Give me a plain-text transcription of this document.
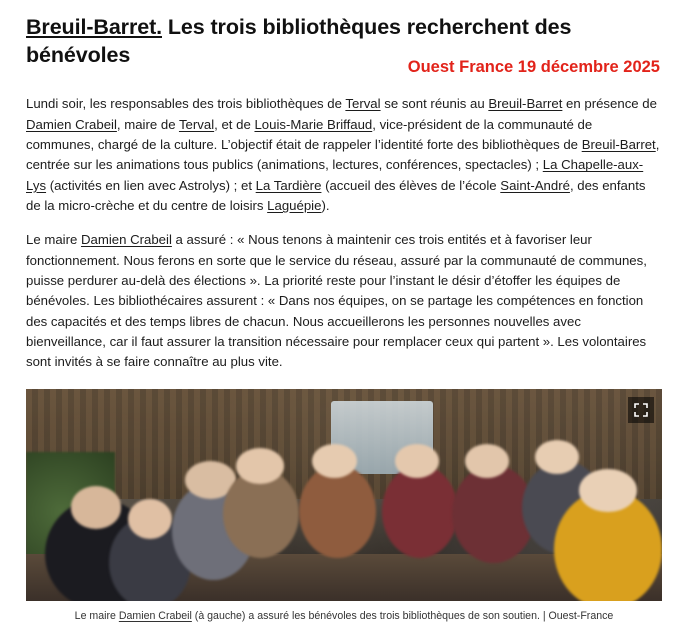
Breuil-Barret. Les trois bibliothèques recherchent des bénévoles
Ouest France 19 décembre 2025

Lundi soir, les responsables des trois bibliothèques de Terval se sont réunis au Breuil-Barret en présence de Damien Crabeil, maire de Terval, et de Louis-Marie Briffaud, vice-président de la communauté de communes, chargé de la culture. L’objectif était de rappeler l’identité forte des bibliothèques de Breuil-Barret, centrée sur les animations tous publics (animations, lectures, conférences, spectacles) ; La Chapelle-aux-Lys (activités en lien avec Astrolys) ; et La Tardière (accueil des élèves de l’école Saint-André, des enfants de la micro-crèche et du centre de loisirs Laguépie).

Le maire Damien Crabeil a assuré : « Nous tenons à maintenir ces trois entités et à favoriser leur fonctionnement. Nous ferons en sorte que le service du réseau, assuré par la communauté de communes, puisse perdurer au-delà des élections ». La priorité reste pour l’instant le désir d’étoffer les équipes de bénévoles. Les bibliothécaires assurent : « Dans nos équipes, on se partage les compétences en fonction des capacités et des temps libres de chacun. Nous accueillerons les personnes nouvelles avec bienveillance, car il faut assurer la transition nécessaire pour remplacer ceux qui partent ». Les volontaires sont invités à se faire connaître au plus vite.

Le maire Damien Crabeil (à gauche) a assuré les bénévoles des trois bibliothèques de son soutien. | Ouest-France
